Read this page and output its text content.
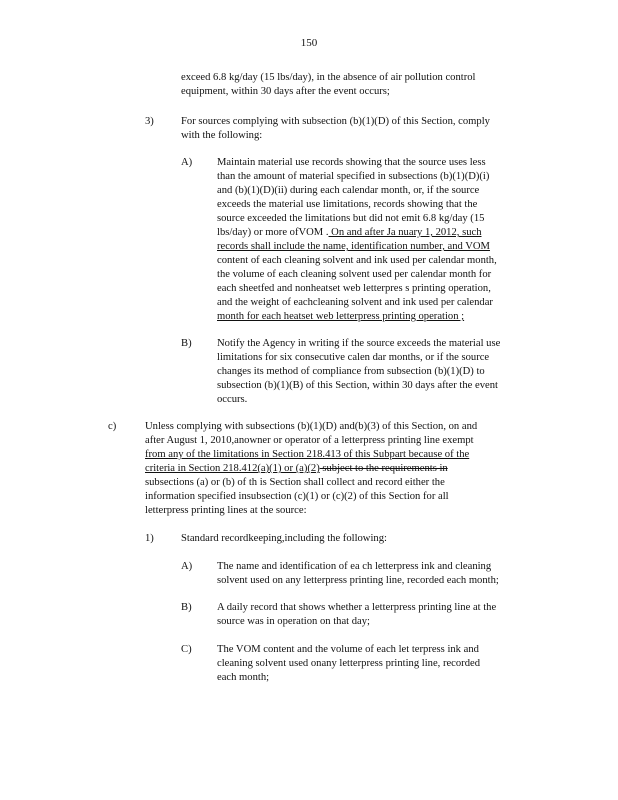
150
exceed 6.8 kg/day (15 lbs/day), in the absence of air pollution control
equipment, within 30 days after the event occurs;
3)	For sources complying with subsection (b)(1)(D) of this Section, comply
with the following:
A) Maintain material use records showing that the source uses less
than the amount of material specified in subsections (b)(1)(D)(i)
and (b)(1)(D)(ii) during each calendar month, or, if the source
exceeds the material use limitations, records showing that the
source exceeded the limitations but did not emit 6.8 kg/day (15
lbs/day) or more ofVOM . On and after Ja nuary 1, 2012, such
records shall include the name, identification number, and VOM
content of each cleaning solvent and ink used per calendar month,
the volume of each cleaning solvent used per calendar month for
each sheetfed and nonheatset web letterpres s printing operation,
and the weight of eachcleaning solvent and ink used per calendar
month for each heatset web letterpress printing operation ;
B) Notify the Agency in writing if the source exceeds the material use
limitations for six consecutive calen dar months, or if the source
changes its method of compliance from subsection (b)(1)(D) to
subsection (b)(1)(B) of this Section, within 30 days after the event
occurs.
c)	Unless complying with subsections (b)(1)(D) and(b)(3) of this Section, on and
after August 1, 2010,anowner or operator of a letterpress printing line exempt
from any of the limitations in Section 218.413 of this Subpart because of the
criteria in Section 218.412(a)(1) or (a)(2) subject to the requirements in
subsections (a) or (b) of th is Section shall collect and record either the
information specified insubsection (c)(1) or (c)(2) of this Section for all
letterpress printing lines at the source:
1)	Standard recordkeeping,including the following:
A) The name and identification of ea ch letterpress ink and cleaning
solvent used on any letterpress printing line, recorded each month;
B) A daily record that shows whether a letterpress printing line at the
source was in operation on that day;
C) The VOM content and the volume of each let terpress ink and
cleaning solvent used onany letterpress printing line, recorded
each month;
